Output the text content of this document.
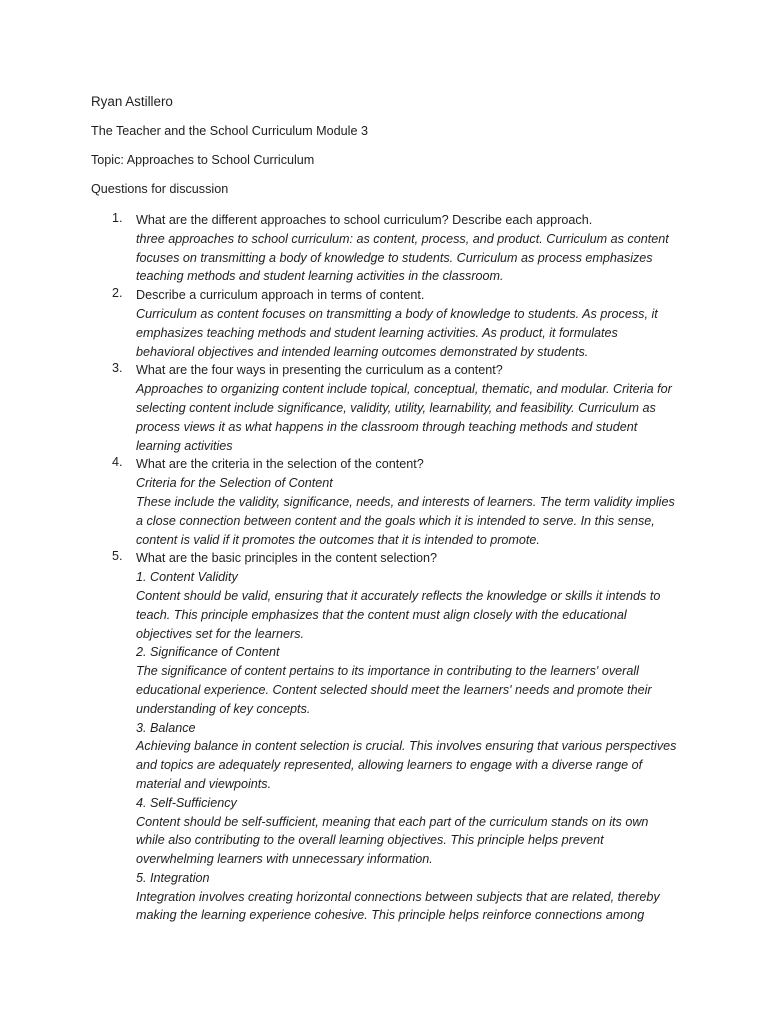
Ryan Astillero
The Teacher and the School Curriculum Module 3
Topic: Approaches to School Curriculum
Questions for discussion
1.	What are the different approaches to school curriculum? Describe each approach.
three approaches to school curriculum: as content, process, and product. Curriculum as content
focuses on transmitting a body of knowledge to students. Curriculum as process emphasizes
teaching methods and student learning activities in the classroom.
2.	Describe a curriculum approach in terms of content.
Curriculum as content focuses on transmitting a body of knowledge to students. As process, it
emphasizes teaching methods and student learning activities. As product, it formulates
behavioral objectives and intended learning outcomes demonstrated by students.
3.	What are the four ways in presenting the curriculum as a content?
Approaches to organizing content include topical, conceptual, thematic, and modular. Criteria for
selecting content include significance, validity, utility, learnability, and feasibility. Curriculum as
process views it as what happens in the classroom through teaching methods and student
learning activities
4.	What are the criteria in the selection of the content?
Criteria for the Selection of Content
These include the validity, significance, needs, and interests of learners. The term validity implies
a close connection between content and the goals which it is intended to serve. In this sense,
content is valid if it promotes the outcomes that it is intended to promote.
5.	What are the basic principles in the content selection?
1. Content Validity
Content should be valid, ensuring that it accurately reflects the knowledge or skills it intends to
teach. This principle emphasizes that the content must align closely with the educational
objectives set for the learners.
2. Significance of Content
The significance of content pertains to its importance in contributing to the learners' overall
educational experience. Content selected should meet the learners' needs and promote their
understanding of key concepts.
3. Balance
Achieving balance in content selection is crucial. This involves ensuring that various perspectives
and topics are adequately represented, allowing learners to engage with a diverse range of
material and viewpoints.
4. Self-Sufficiency
Content should be self-sufficient, meaning that each part of the curriculum stands on its own
while also contributing to the overall learning objectives. This principle helps prevent
overwhelming learners with unnecessary information.
5. Integration
Integration involves creating horizontal connections between subjects that are related, thereby
making the learning experience cohesive. This principle helps reinforce connections among
